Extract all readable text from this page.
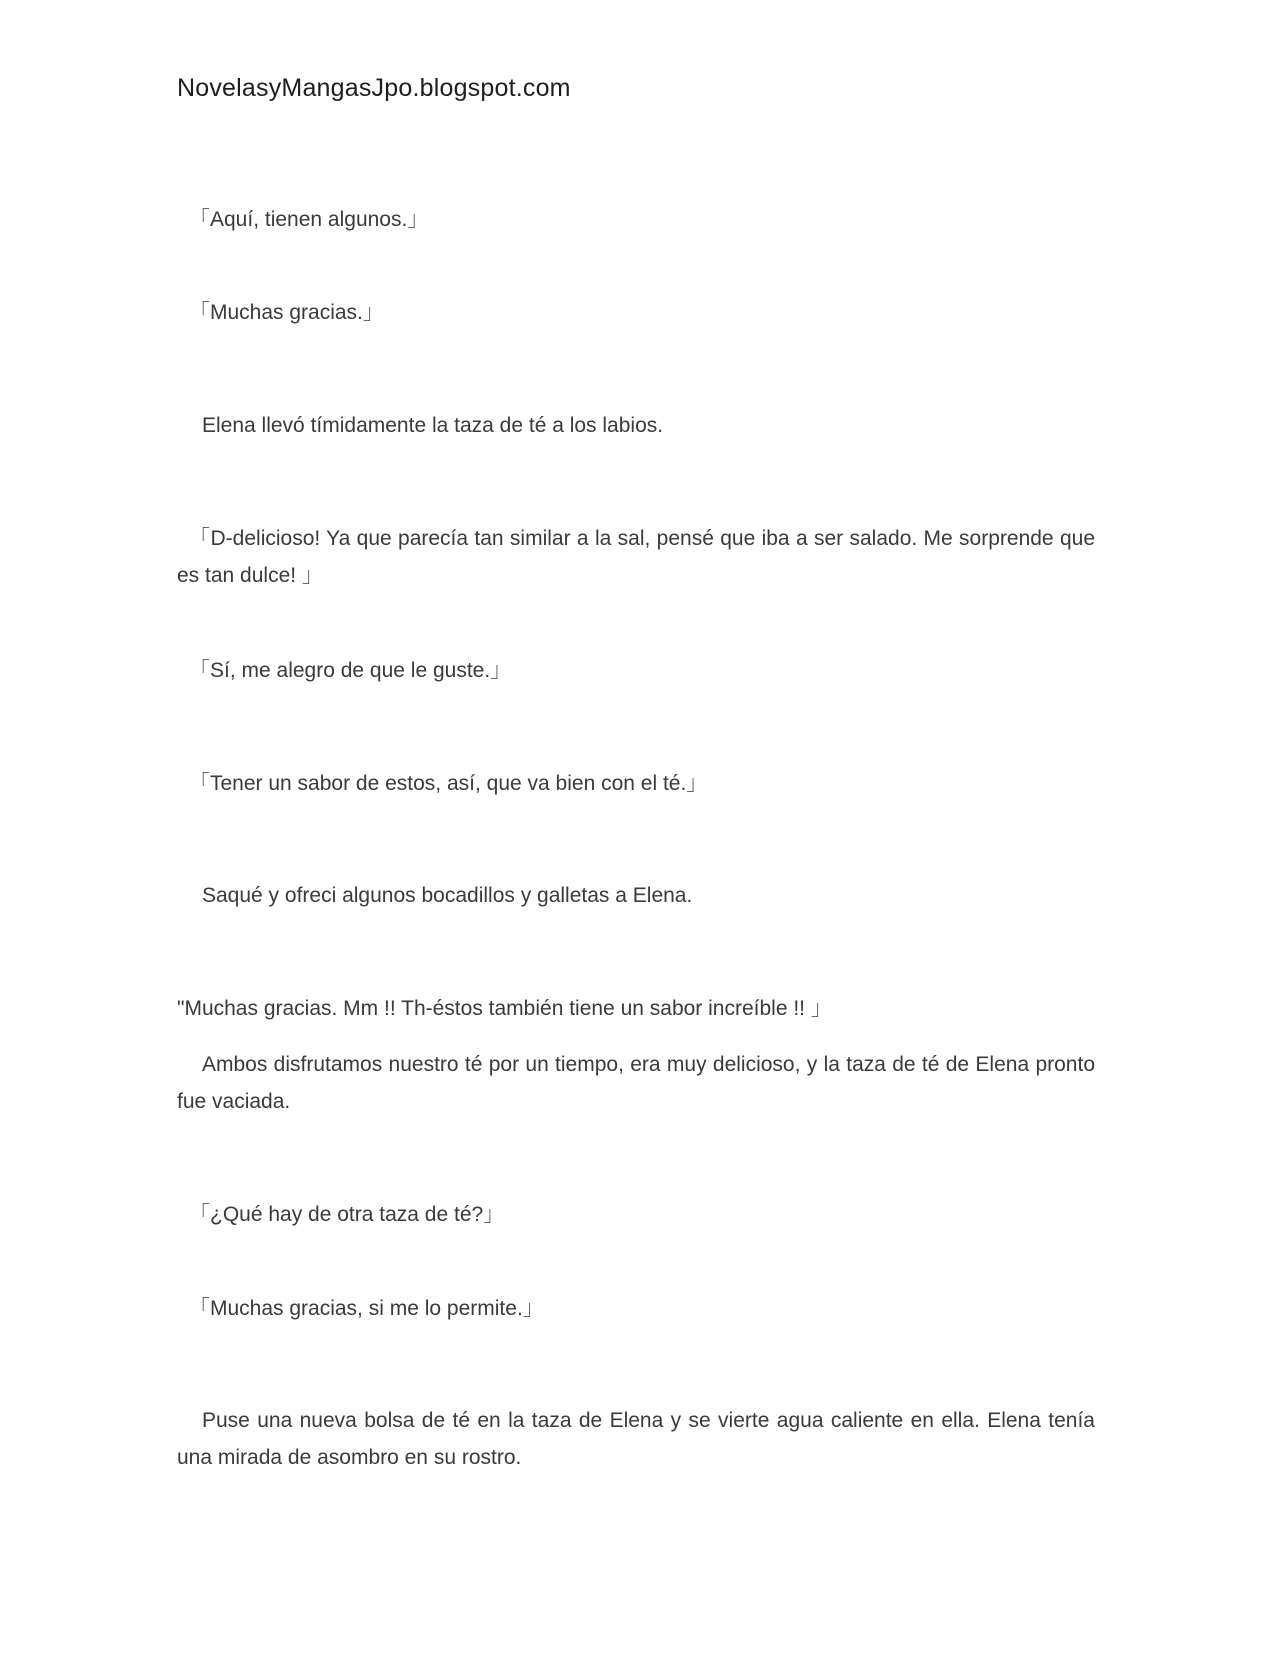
NovelasyMangasJpo.blogspot.com

「Aquí, tienen algunos.」

「Muchas gracias.」

Elena llevó tímidamente la taza de té a los labios.

「D-delicioso! Ya que parecía tan similar a la sal, pensé que iba a ser salado. Me sorprende que es tan dulce! 」

「Sí, me alegro de que le guste.」

「Tener un sabor de estos, así, que va bien con el té.」

Saqué y ofreci algunos bocadillos y galletas a Elena.

"Muchas gracias. Mm !! Th-éstos también tiene un sabor increíble !! 」

Ambos disfrutamos nuestro té por un tiempo, era muy delicioso, y la taza de té de Elena pronto fue vaciada.

「¿Qué hay de otra taza de té?」

「Muchas gracias, si me lo permite.」

Puse una nueva bolsa de té en la taza de Elena y se vierte agua caliente en ella. Elena tenía una mirada de asombro en su rostro.
